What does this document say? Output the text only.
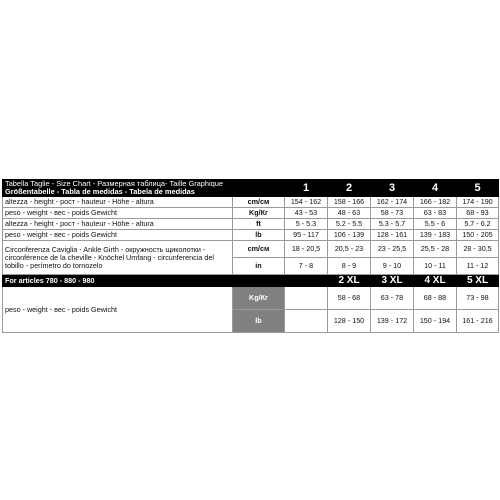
Tabella Taglie - Size Chart - Размерная таблица- Taille Graphique
Größentabelle - Tabla de medidas - Tabela de medidas		1	2	3	4	5
altezza - height - рост - hauteur - Höhe - altura	cm/см	154 - 162	158 - 166	162 - 174	166 - 182	174 - 190
peso - weight - вес - poids Gewicht	Kg/Кг	43 - 53	48 - 63	58 - 73	63 - 83	68 - 93
altezza - height - рост - hauteur - Höhe - altura	ft	5 - 5.3	5.2 - 5.5	5.3 - 5.7	5.5 - 6	5.7 - 6.2
peso - weight - вес - poids Gewicht	lb	95 - 117	106 - 139	128 - 161	139 - 183	150 - 205
Circonferenza Caviglia - Ankle Girth - окружность щиколотки - circonférence de la cheville - Knöchel Umfang - circunferencia del tobillo - perímetro do tornozelo	cm/см	18 - 20,5	20,5 - 23	23 - 25,5	25,5 - 28	28 - 30,5
	in	7 - 8	8 - 9	9 - 10	10 - 11	11 - 12
For articles 780 - 880 - 980			2 XL	3 XL	4 XL	5 XL
peso - weight - вес - poids Gewicht	Kg/Кг		58 - 68	63 - 78	68 - 88	73 - 98
	lb		128 - 150	139 - 172	150 - 194	161 - 216
